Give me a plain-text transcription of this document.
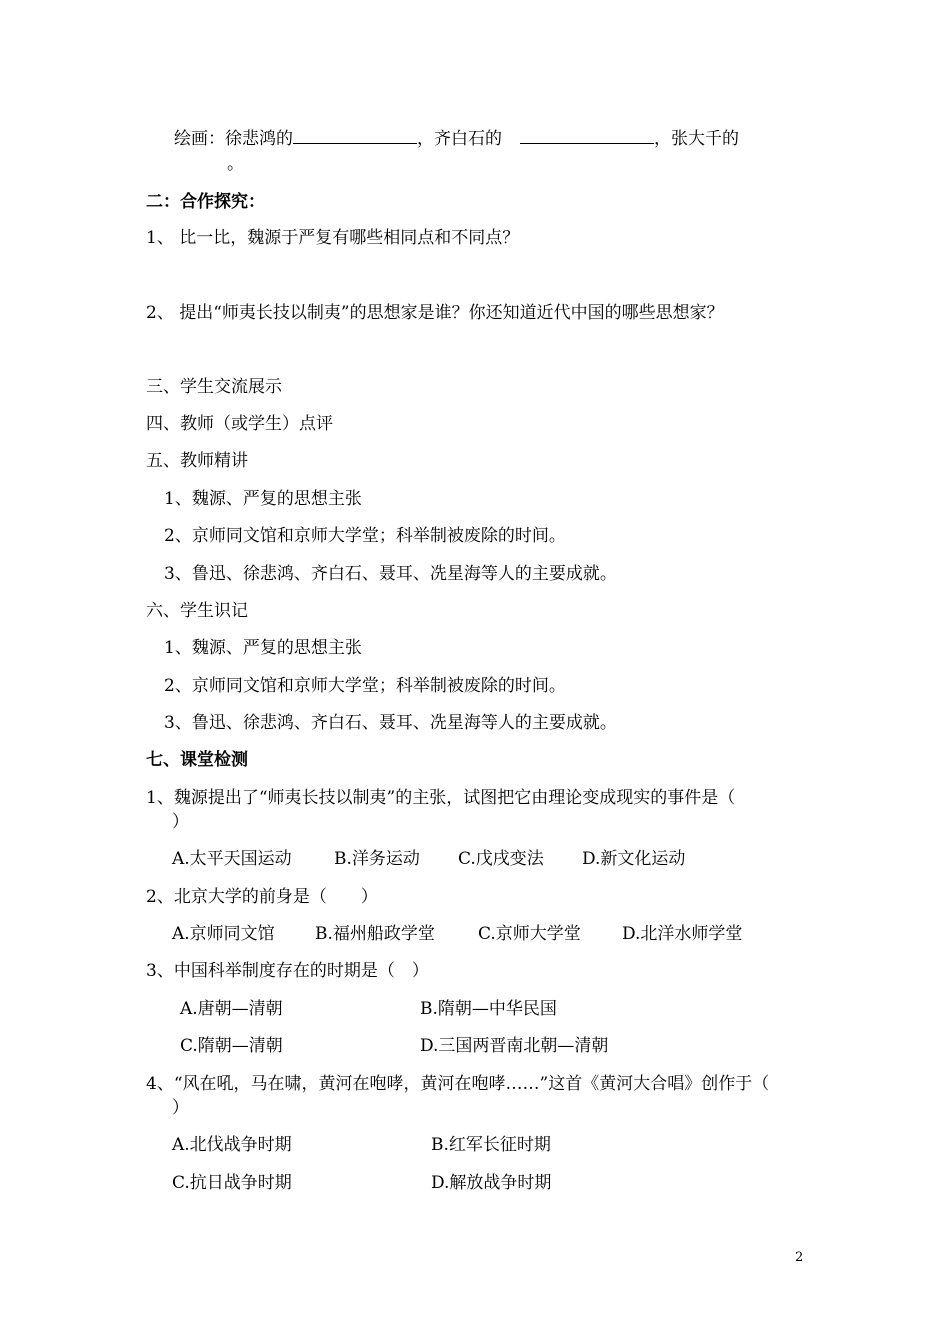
绘画：徐悲鸿的	，齐白石的	，张大千的
。
二：合作探究：
1、 比一比，魏源于严复有哪些相同点和不同点？
2、 提出“师夷长技以制夷”的思想家是谁？你还知道近代中国的哪些思想家？
三、学生交流展示
四、教师（或学生）点评
五、教师精讲
1、魏源、严复的思想主张
2、京师同文馆和京师大学堂；科举制被废除的时间。
3、鲁迅、徐悲鸿、齐白石、聂耳、冼星海等人的主要成就。
六、学生识记
1、魏源、严复的思想主张
2、京师同文馆和京师大学堂；科举制被废除的时间。
3、鲁迅、徐悲鸿、齐白石、聂耳、冼星海等人的主要成就。
七、课堂检测
1、魏源提出了“师夷长技以制夷”的主张，试图把它由理论变成现实的事件是（
）
A.太平天国运动 B.洋务运动 C.戊戌变法 D.新文化运动
2、北京大学的前身是（　　）
A.京师同文馆 B.福州船政学堂	C.京师大学堂 D.北洋水师学堂
3、中国科举制度存在的时期是（　）
A.唐朝—清朝	B.隋朝—中华民国
C.隋朝—清朝	D.三国两晋南北朝—清朝
4、“风在吼，马在啸，黄河在咆哮，黄河在咆哮……”这首《黄河大合唱》创作于（
）
A.北伐战争时期	B.红军长征时期
C.抗日战争时期	D.解放战争时期
2
